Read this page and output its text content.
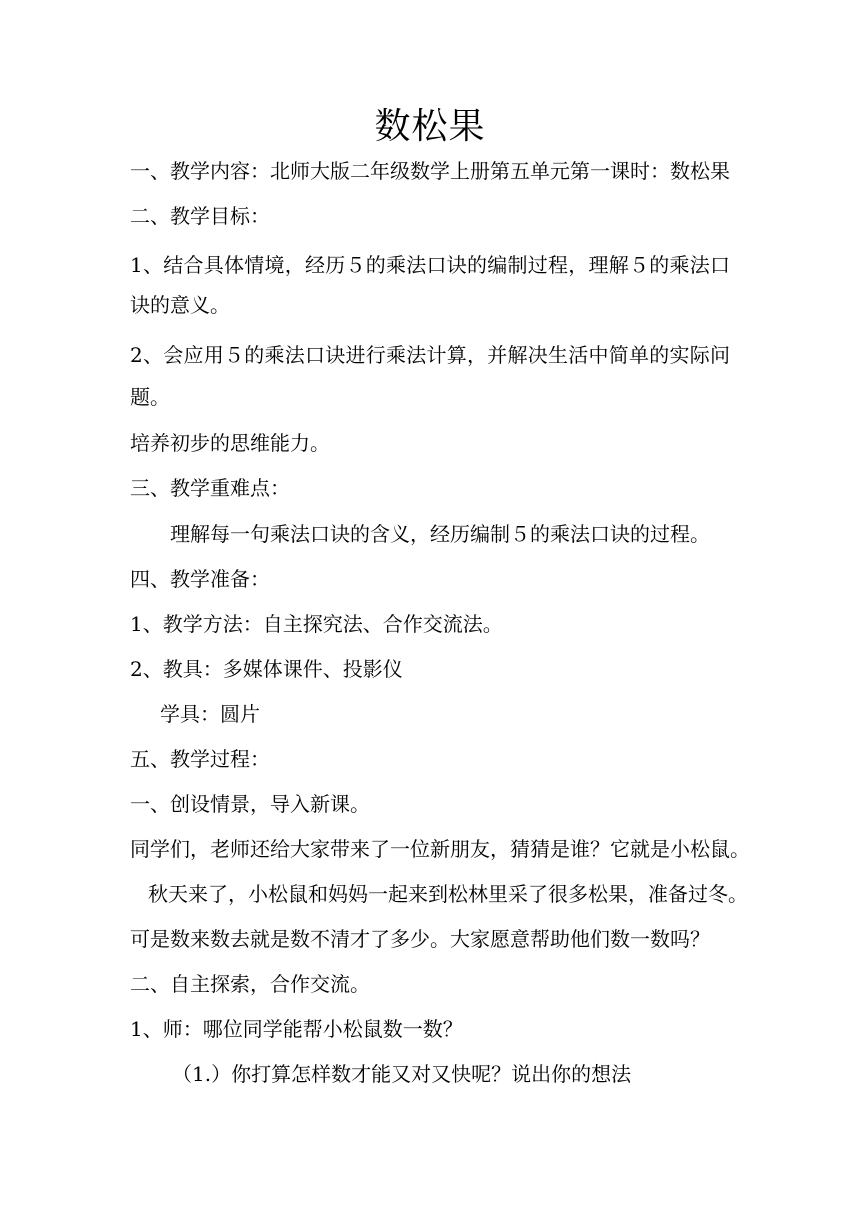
数松果
一、教学内容：北师大版二年级数学上册第五单元第一课时：数松果
二、教学目标：
1、结合具体情境，经历５的乘法口诀的编制过程，理解５的乘法口
诀的意义。
2、会应用５的乘法口诀进行乘法计算，并解决生活中简单的实际问
题。
培养初步的思维能力。
三、教学重难点：
理解每一句乘法口诀的含义，经历编制５的乘法口诀的过程。
四、教学准备：
1、教学方法：自主探究法、合作交流法。
2、教具：多媒体课件、投影仪
学具：圆片
五、教学过程：
一、创设情景，导入新课。
同学们，老师还给大家带来了一位新朋友，猜猜是谁？它就是小松鼠。
秋天来了，小松鼠和妈妈一起来到松林里采了很多松果，准备过冬。
可是数来数去就是数不清才了多少。大家愿意帮助他们数一数吗？
二、自主探索，合作交流。
1、师：哪位同学能帮小松鼠数一数？
（1.）你打算怎样数才能又对又快呢？说出你的想法
